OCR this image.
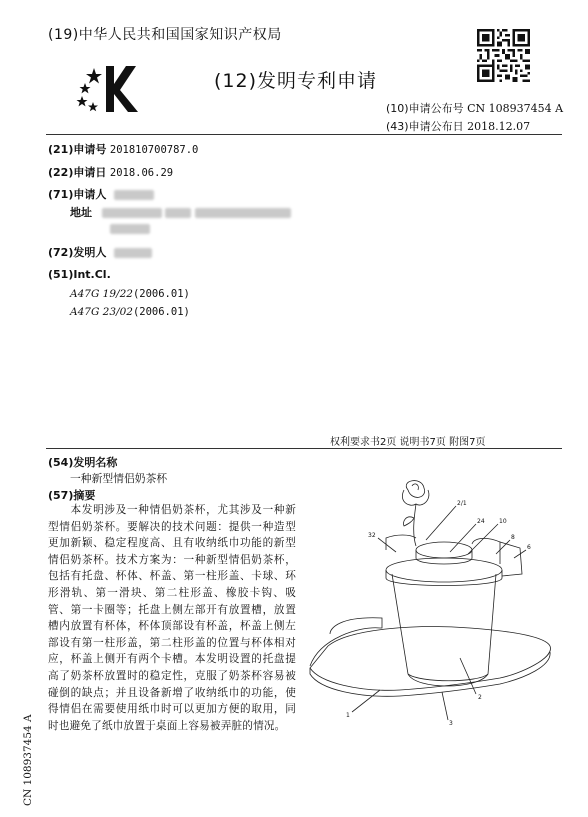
(19)中华人民共和国国家知识产权局
(12)发明专利申请
(10)申请公布号 CN 108937454 A
(43)申请公布日 2018.12.07
(21)申请号 201810700787.0
(22)申请日 2018.06.29
(71)申请人
地址
(72)发明人
(51)Int.Cl.
A47G 19/22(2006.01)
A47G 23/02(2006.01)
权利要求书2页 说明书7页 附图7页
(54)发明名称
一种新型情侣奶茶杯
(57)摘要
本发明涉及一种情侣奶茶杯，尤其涉及一种新型情侣奶茶杯。要解决的技术问题：提供一种造型更加新颖、稳定程度高、且有收纳纸巾功能的新型情侣奶茶杯。技术方案为：一种新型情侣奶茶杯，包括有托盘、杯体、杯盖、第一柱形盖、卡球、环形滑轨、第一滑块、第二柱形盖、橡胶卡钩、吸管、第一卡圈等；托盘上侧左部开有放置槽，放置槽内放置有杯体，杯体顶部设有杯盖，杯盖上侧左部设有第一柱形盖，第二柱形盖的位置与杯体相对应，杯盖上侧开有两个卡槽。本发明设置的托盘提高了奶茶杯放置时的稳定性，克服了奶茶杯容易被碰倒的缺点；并且设备新增了收纳纸巾的功能，使得情侣在需要使用纸巾时可以更加方便的取用，同时也避免了纸巾放置于桌面上容易被弄脏的情况。
2/1
24 10
8
6
32
2
3
1
CN 108937454 A
